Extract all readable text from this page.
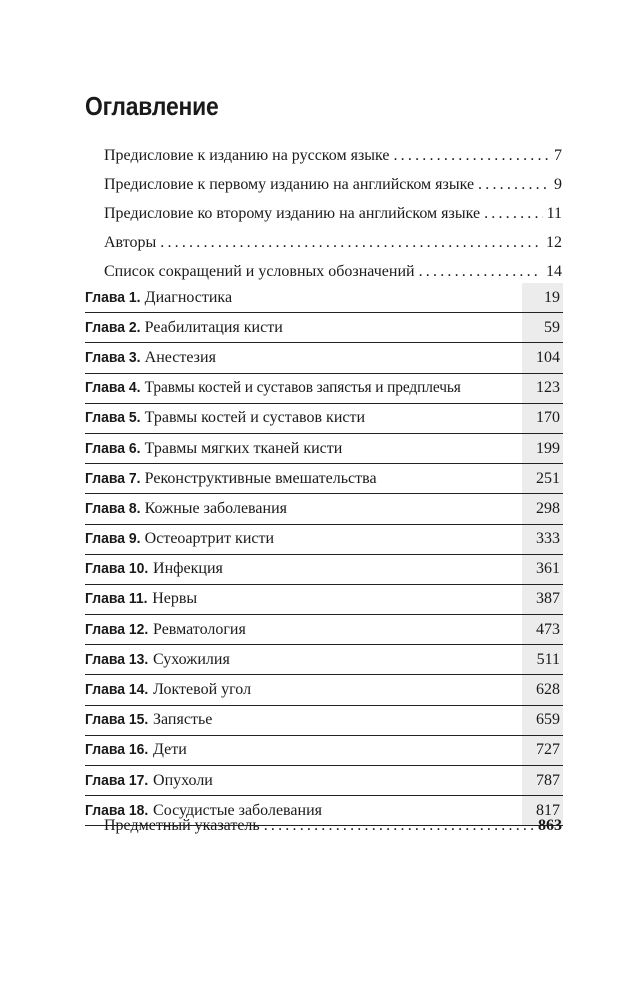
Оглавление
Предисловие к изданию на русском языке . . .	7
Предисловие к первому изданию на английском языке . . .	9
Предисловие ко второму изданию на английском языке . . .	11
Авторы . . .	12
Список сокращений и условных обозначений . . .	14
Глава 1. Диагностика	19
Глава 2. Реабилитация кисти	59
Глава 3. Анестезия	104
Глава 4. Травмы костей и суставов запястья и предплечья	123
Глава 5. Травмы костей и суставов кисти	170
Глава 6. Травмы мягких тканей кисти	199
Глава 7. Реконструктивные вмешательства	251
Глава 8. Кожные заболевания	298
Глава 9. Остеоартрит кисти	333
Глава 10. Инфекция	361
Глава 11. Нервы	387
Глава 12. Ревматология	473
Глава 13. Сухожилия	511
Глава 14. Локтевой угол	628
Глава 15. Запястье	659
Глава 16. Дети	727
Глава 17. Опухоли	787
Глава 18. Сосудистые заболевания	817
Предметный указатель . . .	863
